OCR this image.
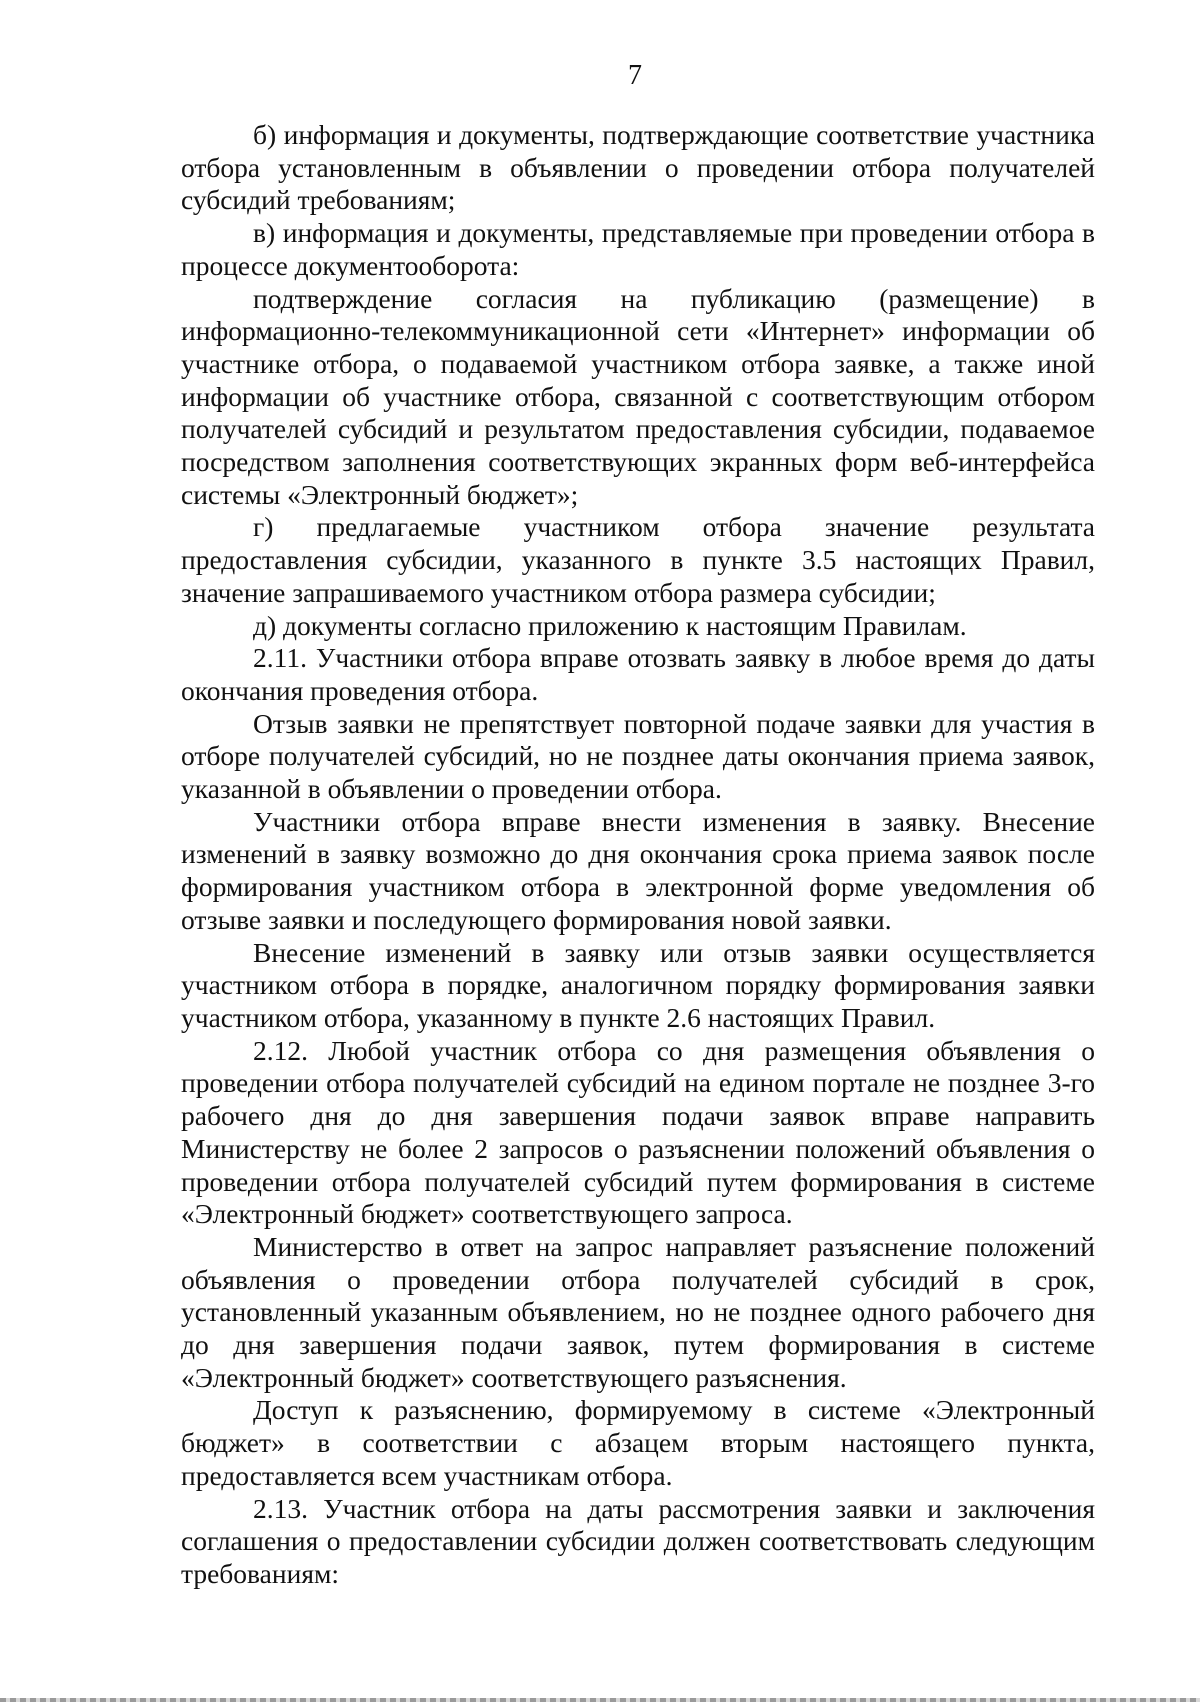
7

б) информация и документы, подтверждающие соответствие участника отбора установленным в объявлении о проведении отбора получателей субсидий требованиям;

в) информация и документы, представляемые при проведении отбора в процессе документооборота:

подтверждение согласия на публикацию (размещение) в информационно-телекоммуникационной сети «Интернет» информации об участнике отбора, о подаваемой участником отбора заявке, а также иной информации об участнике отбора, связанной с соответствующим отбором получателей субсидий и результатом предоставления субсидии, подаваемое посредством заполнения соответствующих экранных форм веб-интерфейса системы «Электронный бюджет»;

г) предлагаемые участником отбора значение результата предоставления субсидии, указанного в пункте 3.5 настоящих Правил, значение запрашиваемого участником отбора размера субсидии;

д) документы согласно приложению к настоящим Правилам.

2.11. Участники отбора вправе отозвать заявку в любое время до даты окончания проведения отбора.

Отзыв заявки не препятствует повторной подаче заявки для участия в отборе получателей субсидий, но не позднее даты окончания приема заявок, указанной в объявлении о проведении отбора.

Участники отбора вправе внести изменения в заявку. Внесение изменений в заявку возможно до дня окончания срока приема заявок после формирования участником отбора в электронной форме уведомления об отзыве заявки и последующего формирования новой заявки.

Внесение изменений в заявку или отзыв заявки осуществляется участником отбора в порядке, аналогичном порядку формирования заявки участником отбора, указанному в пункте 2.6 настоящих Правил.

2.12. Любой участник отбора со дня размещения объявления о проведении отбора получателей субсидий на едином портале не позднее 3-го рабочего дня до дня завершения подачи заявок вправе направить Министерству не более 2 запросов о разъяснении положений объявления о проведении отбора получателей субсидий путем формирования в системе «Электронный бюджет» соответствующего запроса.

Министерство в ответ на запрос направляет разъяснение положений объявления о проведении отбора получателей субсидий в срок, установленный указанным объявлением, но не позднее одного рабочего дня до дня завершения подачи заявок, путем формирования в системе «Электронный бюджет» соответствующего разъяснения.

Доступ к разъяснению, формируемому в системе «Электронный бюджет» в соответствии с абзацем вторым настоящего пункта, предоставляется всем участникам отбора.

2.13. Участник отбора на даты рассмотрения заявки и заключения соглашения о предоставлении субсидии должен соответствовать следующим требованиям:
